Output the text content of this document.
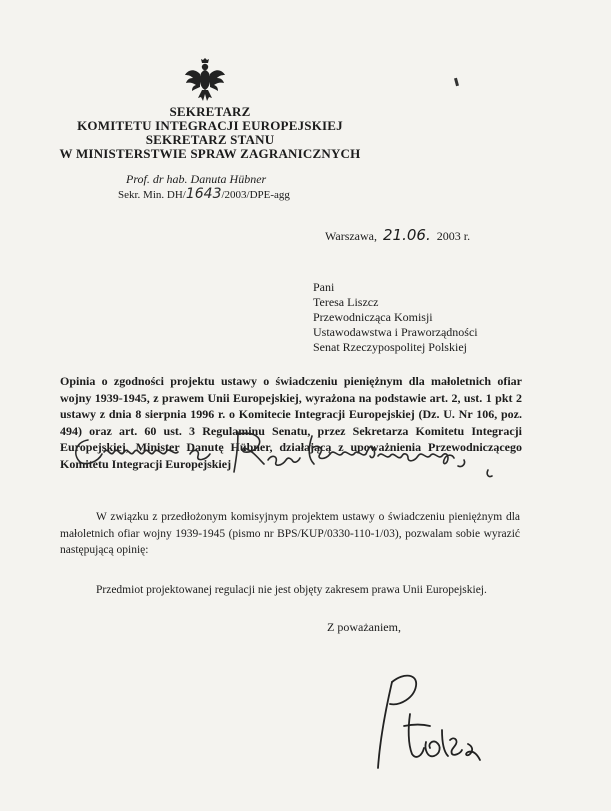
SEKRETARZ
KOMITETU INTEGRACJI EUROPEJSKIEJ
SEKRETARZ STANU
W MINISTERSTWIE SPRAW ZAGRANICZNYCH
Prof. dr hab. Danuta Hübner
Sekr. Min. DH/1643/2003/DPE-agg
Warszawa, 21.06. 2003 r.
Pani
Teresa Liszcz
Przewodnicząca Komisji
Ustawodawstwa i Praworządności
Senat Rzeczypospolitej Polskiej
Opinia o zgodności projektu ustawy o świadczeniu pieniężnym dla małoletnich ofiar wojny 1939-1945, z prawem Unii Europejskiej, wyrażona na podstawie art. 2, ust. 1 pkt 2 ustawy z dnia 8 sierpnia 1996 r. o Komitecie Integracji Europejskiej (Dz. U. Nr 106, poz. 494) oraz art. 60 ust. 3 Regulaminu Senatu, przez Sekretarza Komitetu Integracji Europejskiej, Minister Danutę Hübner, działającą z upoważnienia Przewodniczącego Komitetu Integracji Europejskiej
W związku z przedłożonym komisyjnym projektem ustawy o świadczeniu pieniężnym dla małoletnich ofiar wojny 1939-1945 (pismo nr BPS/KUP/0330-110-1/03), pozwalam sobie wyrazić następującą opinię:
Przedmiot projektowanej regulacji nie jest objęty zakresem prawa Unii Europejskiej.
Z poważaniem,
